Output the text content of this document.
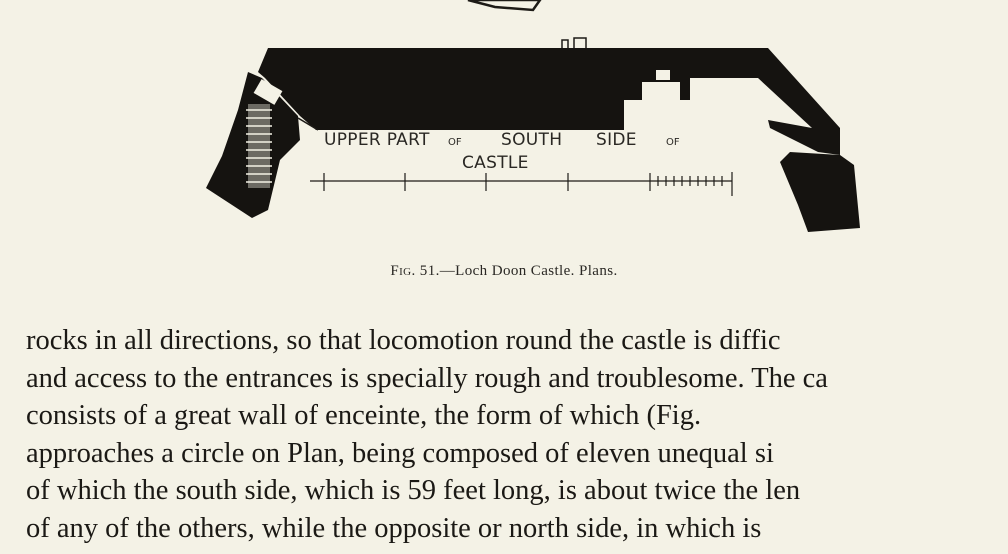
UPPER PART OF SOUTH SIDE	OF
CASTLE
Fig. 51.—Loch Doon Castle. Plans.
rocks in all directions, so that locomotion round the castle is diffic
and access to the entrances is specially rough and troublesome. The ca
consists of a great wall of enceinte, the form of which (Fig.
approaches a circle on Plan, being composed of eleven unequal si
of which the south side, which is 59 feet long, is about twice the len
of any of the others, while the opposite or north side, in which is
